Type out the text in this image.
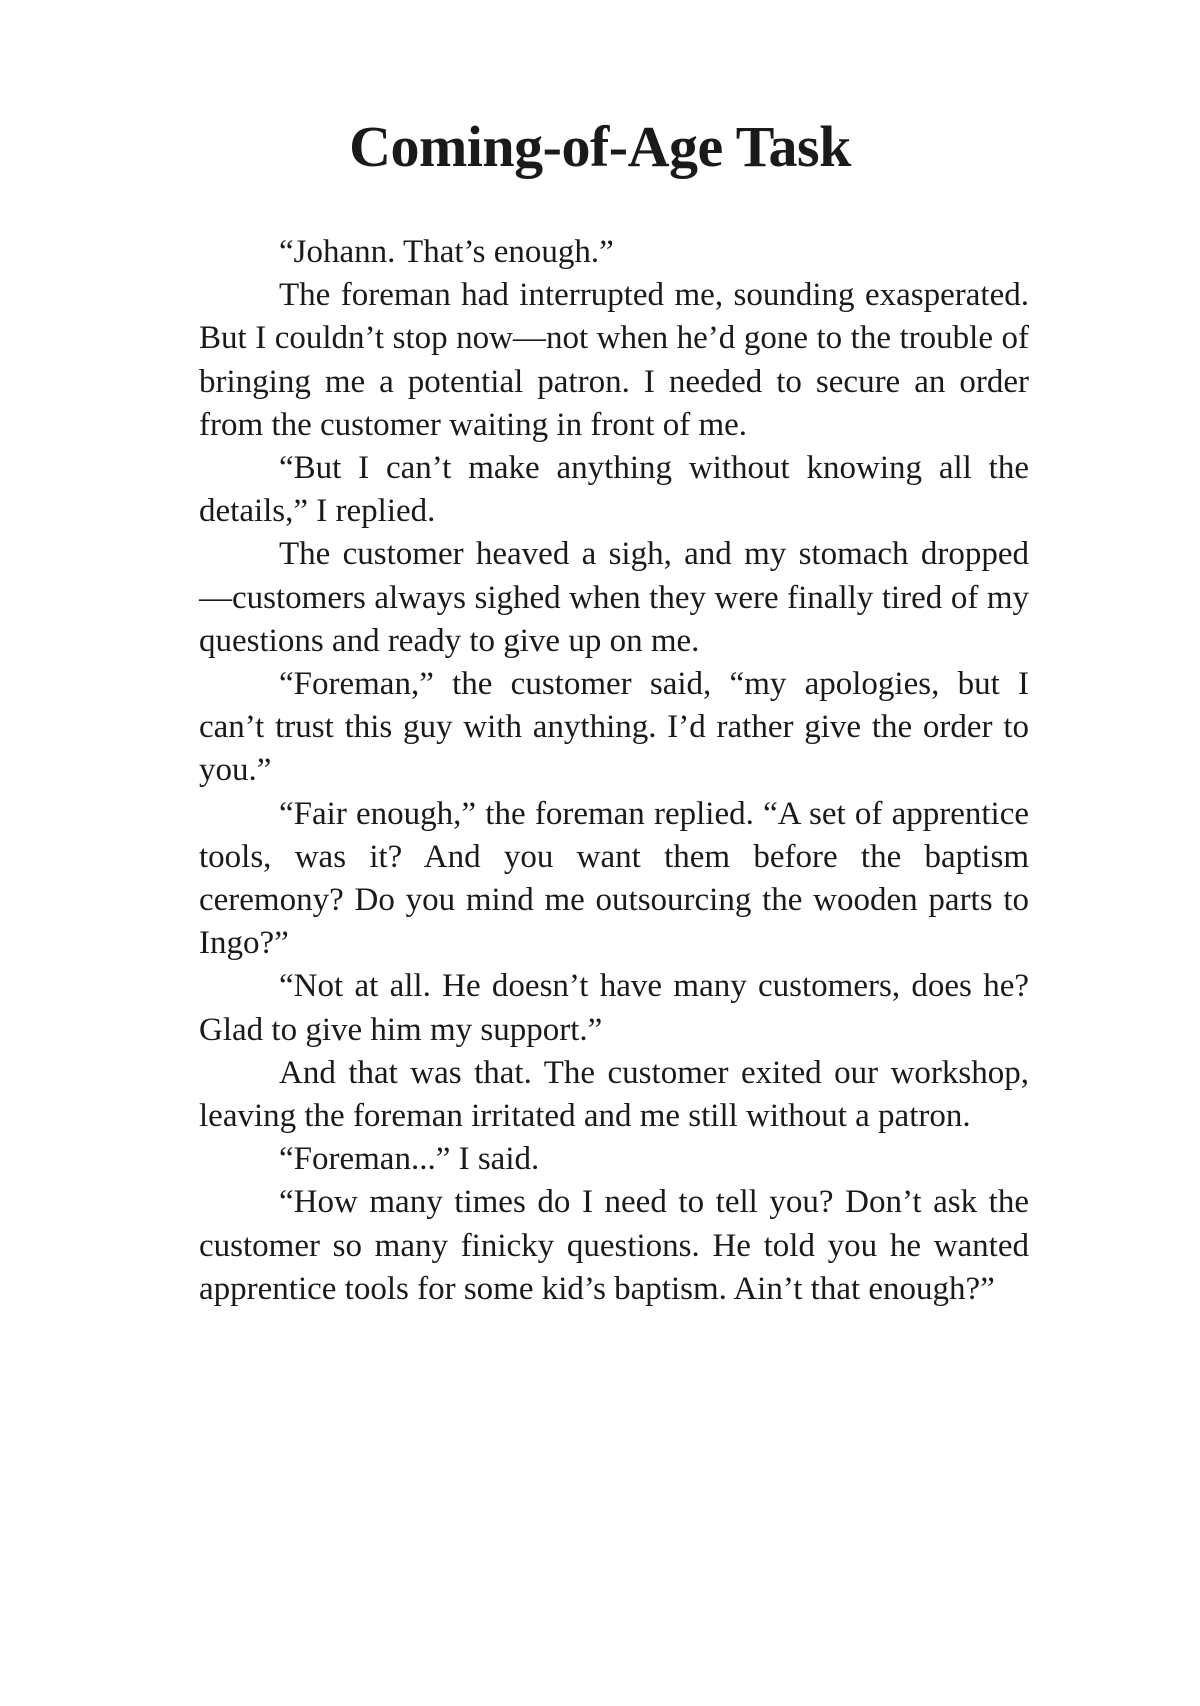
Coming-of-Age Task

“Johann. That’s enough.”

The foreman had interrupted me, sounding exasperated. But I couldn’t stop now—not when he’d gone to the trouble of bringing me a potential patron. I needed to secure an order from the customer waiting in front of me.

“But I can’t make anything without knowing all the details,” I replied.

The customer heaved a sigh, and my stomach dropped—customers always sighed when they were finally tired of my questions and ready to give up on me.

“Foreman,” the customer said, “my apologies, but I can’t trust this guy with anything. I’d rather give the order to you.”

“Fair enough,” the foreman replied. “A set of apprentice tools, was it? And you want them before the baptism ceremony? Do you mind me outsourcing the wooden parts to Ingo?”

“Not at all. He doesn’t have many customers, does he? Glad to give him my support.”

And that was that. The customer exited our workshop, leaving the foreman irritated and me still without a patron.

“Foreman...” I said.

“How many times do I need to tell you? Don’t ask the customer so many finicky questions. He told you he wanted apprentice tools for some kid’s baptism. Ain’t that enough?”
